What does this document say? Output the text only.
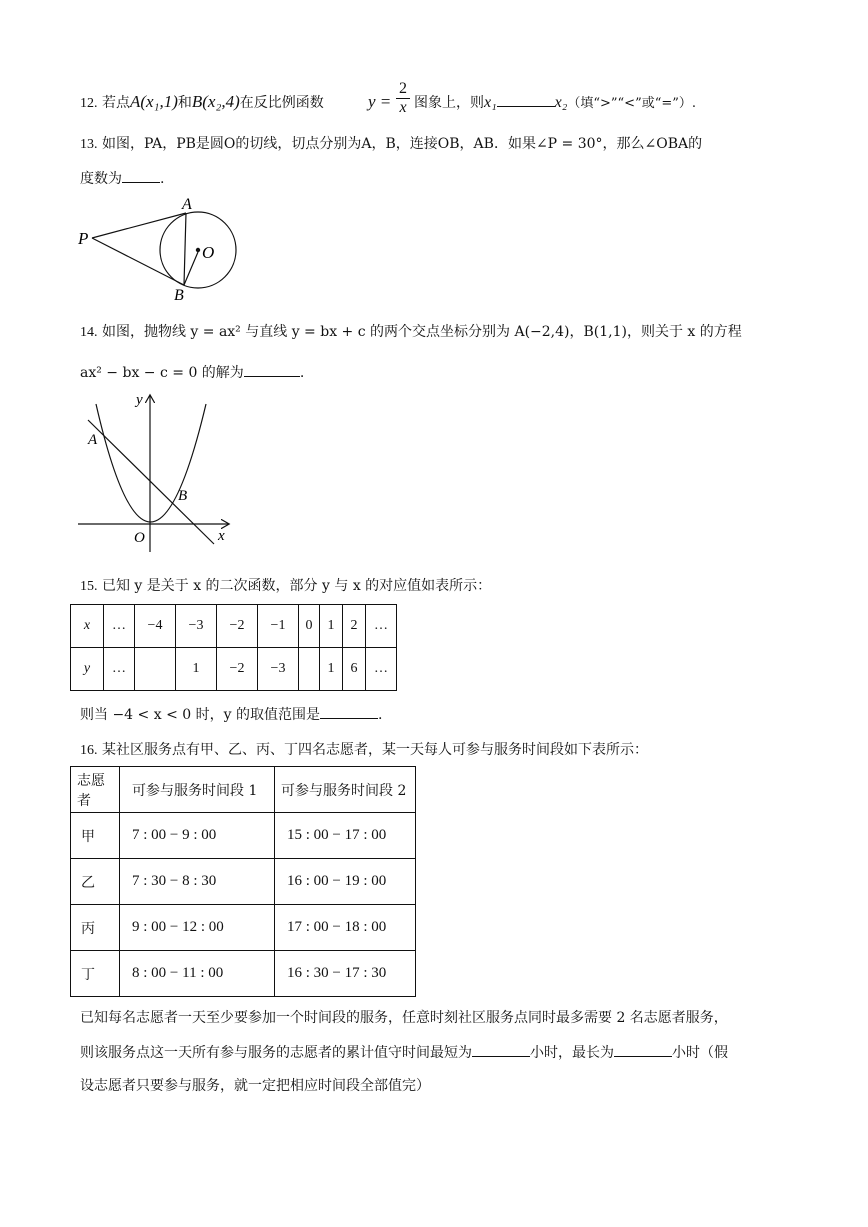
12. 若点A(x₁,1)和B(x₂,4)在反比例函数	$y = \frac{2}{x}$ 图象上，则x₁	x₂（填“>”“<”或“=”）.
13. 如图，PA，PB是圆O的切线，切点分别为A，B，连接OB，AB．如果∠P = 30°，那么∠OBA的
度数为	.
P
A
B
O
14. 如图，抛物线 y = ax² 与直线 y = bx + c 的两个交点坐标分别为 A(−2,4)，B(1,1)，则关于 x 的方程
ax² − bx − c = 0 的解为	.
y
x
A
B
O
15. 已知 y 是关于 x 的二次函数，部分 y 与 x 的对应值如表所示：
x	…	−4	−3	−2	−1	0	1	2	…
y	…		1	−2	−3		1	6	…
则当 −4 < x < 0 时，y 的取值范围是	.
16. 某社区服务点有甲、乙、丙、丁四名志愿者，某一天每人可参与服务时间段如下表所示：
志愿者	可参与服务时间段 1	可参与服务时间段 2
甲	7 : 00 − 9 : 00	15 : 00 − 17 : 00
乙	7 : 30 − 8 : 30	16 : 00 − 19 : 00
丙	9 : 00 − 12 : 00	17 : 00 − 18 : 00
丁	8 : 00 − 11 : 00	16 : 30 − 17 : 30
已知每名志愿者一天至少要参加一个时间段的服务，任意时刻社区服务点同时最多需要 2 名志愿者服务，
则该服务点这一天所有参与服务的志愿者的累计值守时间最短为	小时，最长为	小时（假
设志愿者只要参与服务，就一定把相应时间段全部值完）
